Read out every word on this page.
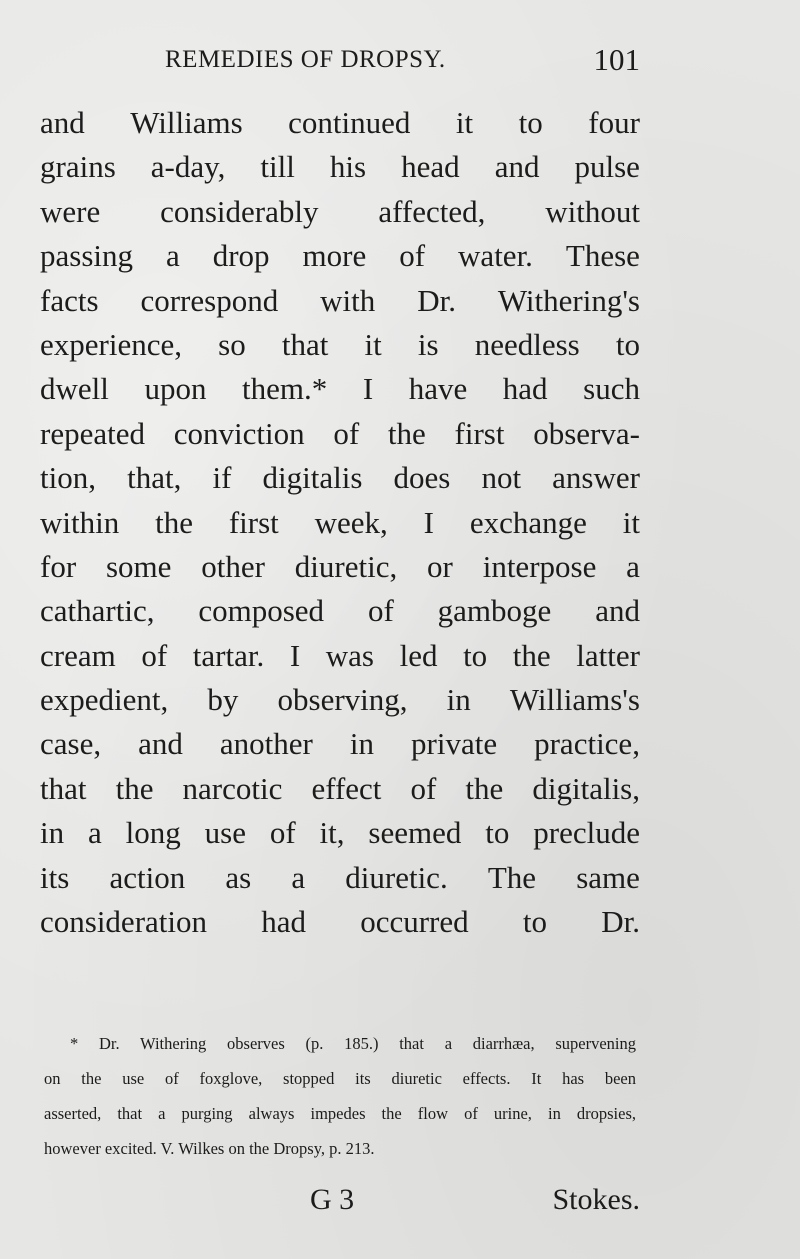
REMEDIES OF DROPSY.	101
and Williams continued it to four
grains a-day, till his head and pulse
were considerably affected, without
passing a drop more of water. These
facts correspond with Dr. Withering's
experience, so that it is needless to
dwell upon them.* I have had such
repeated conviction of the first observa-
tion, that, if digitalis does not answer
within the first week, I exchange it
for some other diuretic, or interpose a
cathartic, composed of gamboge and
cream of tartar. I was led to the latter
expedient, by observing, in Williams's
case, and another in private practice,
that the narcotic effect of the digitalis,
in a long use of it, seemed to preclude
its action as a diuretic. The same
consideration had occurred to Dr.
* Dr. Withering observes (p. 185.) that a diarrhæa, supervening
on the use of foxglove, stopped its diuretic effects. It has been
asserted, that a purging always impedes the flow of urine, in dropsies,
however excited. V. Wilkes on the Dropsy, p. 213.
G 3	Stokes.
